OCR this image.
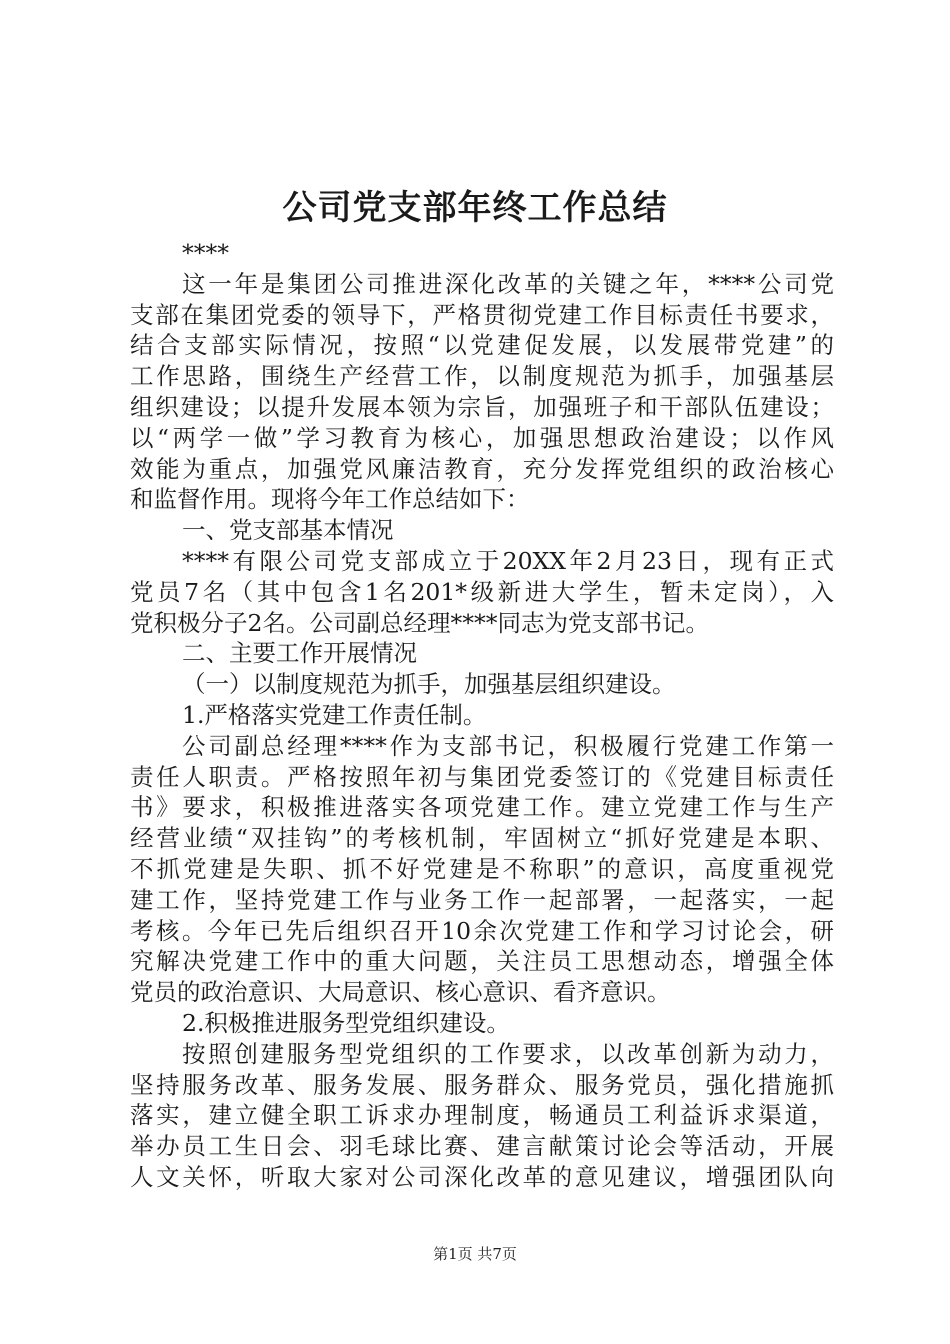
公司党支部年终工作总结
****
这一年是集团公司推进深化改革的关键之年，****公司党
支部在集团党委的领导下，严格贯彻党建工作目标责任书要求，
结合支部实际情况，按照“以党建促发展，以发展带党建”的
工作思路，围绕生产经营工作，以制度规范为抓手，加强基层
组织建设；以提升发展本领为宗旨，加强班子和干部队伍建设；
以“两学一做”学习教育为核心，加强思想政治建设；以作风
效能为重点，加强党风廉洁教育，充分发挥党组织的政治核心
和监督作用。现将今年工作总结如下：
一、党支部基本情况
****有限公司党支部成立于20XX年2月23日，现有正式
党员7名（其中包含1名201*级新进大学生，暂未定岗），入
党积极分子2名。公司副总经理****同志为党支部书记。
二、主要工作开展情况
（一）以制度规范为抓手，加强基层组织建设。
1.严格落实党建工作责任制。
公司副总经理****作为支部书记，积极履行党建工作第一
责任人职责。严格按照年初与集团党委签订的《党建目标责任
书》要求，积极推进落实各项党建工作。建立党建工作与生产
经营业绩“双挂钩”的考核机制，牢固树立“抓好党建是本职、
不抓党建是失职、抓不好党建是不称职”的意识，高度重视党
建工作，坚持党建工作与业务工作一起部署，一起落实，一起
考核。今年已先后组织召开10余次党建工作和学习讨论会，研
究解决党建工作中的重大问题，关注员工思想动态，增强全体
党员的政治意识、大局意识、核心意识、看齐意识。
2.积极推进服务型党组织建设。
按照创建服务型党组织的工作要求，以改革创新为动力，
坚持服务改革、服务发展、服务群众、服务党员，强化措施抓
落实，建立健全职工诉求办理制度，畅通员工利益诉求渠道，
举办员工生日会、羽毛球比赛、建言献策讨论会等活动，开展
人文关怀，听取大家对公司深化改革的意见建议，增强团队向
第1页 共7页
